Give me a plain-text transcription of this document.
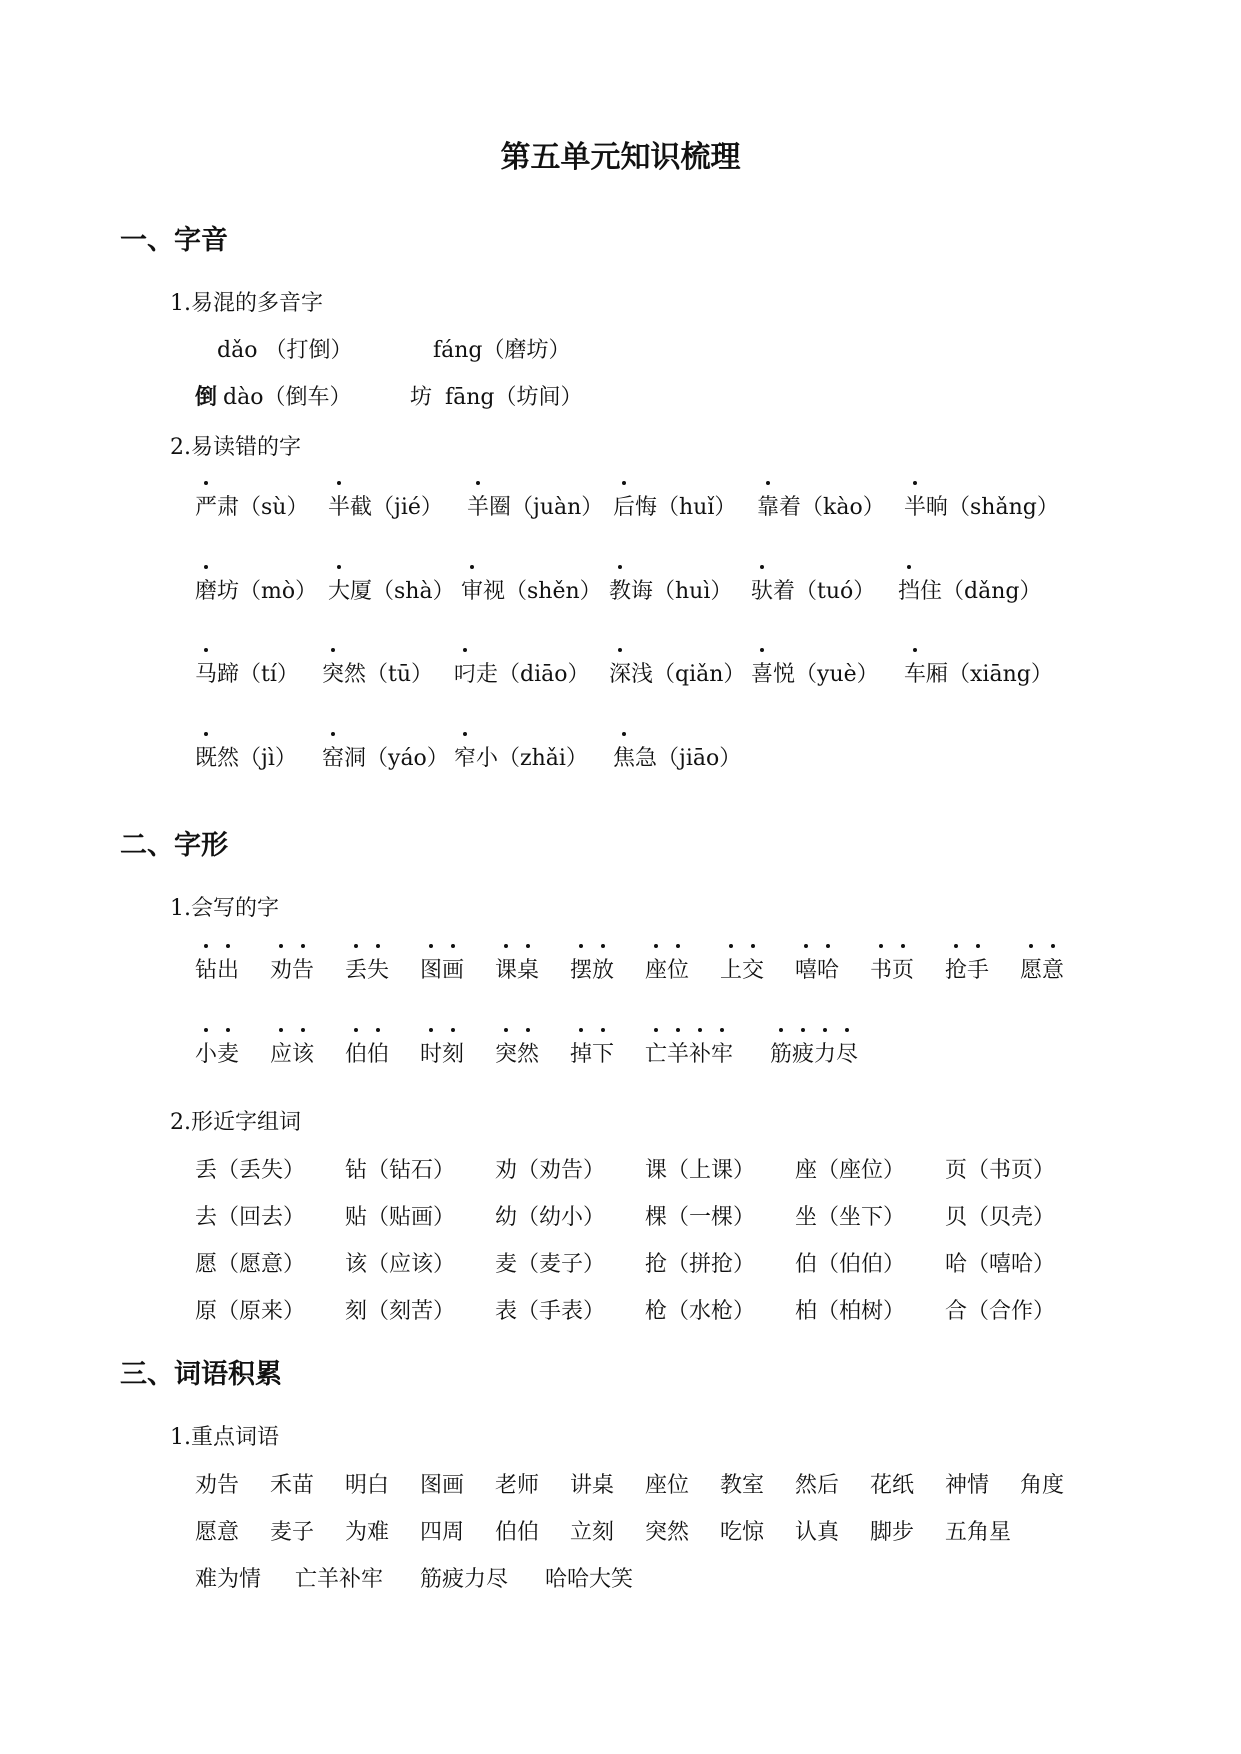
第五单元知识梳理
一、字音
1.易混的多音字
dǎo （打倒）	fáng（磨坊）
倒 dào（倒车）	坊 fāng（坊间）
2.易读错的字
严肃（sù） 半截（jié） 羊圈（juàn） 后悔（huǐ） 靠着（kào） 半晌（shǎng）
磨坊（mò） 大厦（shà） 审视（shěn） 教诲（huì） 驮着（tuó） 挡住（dǎng）
马蹄（tí） 突然（tū） 叼走（diāo） 深浅（qiǎn） 喜悦（yuè） 车厢（xiāng）
既然（jì） 窑洞（yáo） 窄小（zhǎi） 焦急（jiāo）
二、字形
1.会写的字
钻出 劝告 丢失 图画 课桌 摆放 座位 上交 嘻哈 书页 抢手 愿意
小麦 应该 伯伯 时刻 突然 掉下 亡羊补牢 筋疲力尽
2.形近字组词
丢（丢失） 钻（钻石） 劝（劝告） 课（上课） 座（座位） 页（书页）
去（回去） 贴（贴画） 幼（幼小） 棵（一棵） 坐（坐下） 贝（贝壳）
愿（愿意） 该（应该） 麦（麦子） 抢（拼抢） 伯（伯伯） 哈（嘻哈）
原（原来） 刻（刻苦） 表（手表） 枪（水枪） 柏（柏树） 合（合作）
三、词语积累
1.重点词语
劝告 禾苗 明白 图画 老师 讲桌 座位 教室 然后 花纸 神情 角度
愿意 麦子 为难 四周 伯伯 立刻 突然 吃惊 认真 脚步 五角星
难为情 亡羊补牢 筋疲力尽 哈哈大笑
